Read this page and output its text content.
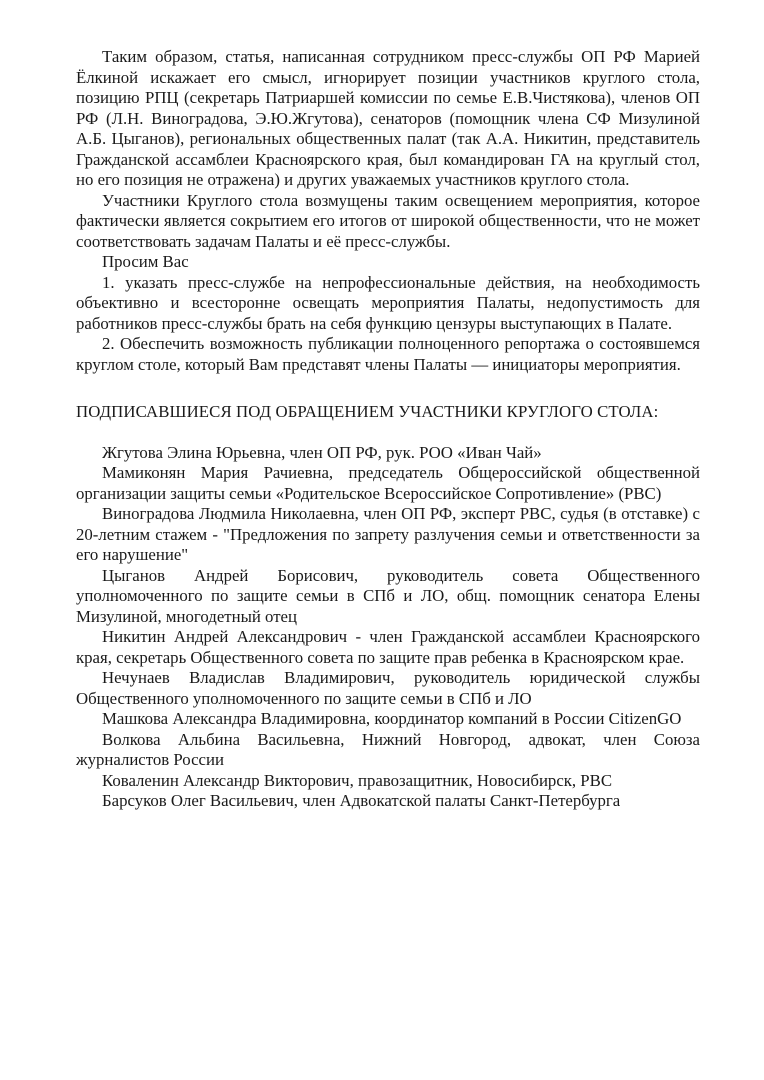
Таким образом, статья, написанная сотрудником пресс-службы ОП РФ Марией Ёлкиной искажает его смысл, игнорирует позиции участников круглого стола, позицию РПЦ (секретарь Патриаршей комиссии по семье Е.В.Чистякова), членов ОП РФ (Л.Н. Виноградова, Э.Ю.Жгутова), сенаторов (помощник члена СФ Мизулиной А.Б. Цыганов), региональных общественных палат (так А.А. Никитин, представитель Гражданской ассамблеи Красноярского края, был командирован ГА на круглый стол, но его позиция не отражена) и других уважаемых участников круглого стола.

Участники Круглого стола возмущены таким освещением мероприятия, которое фактически является сокрытием его итогов от широкой общественности, что не может соответствовать задачам Палаты и её пресс-службы.

Просим Вас

1. указать пресс-службе на непрофессиональные действия, на необходимость объективно и всесторонне освещать мероприятия Палаты, недопустимость для работников пресс-службы брать на себя функцию цензуры выступающих в Палате.

2. Обеспечить возможность публикации полноценного репортажа о состоявшемся круглом столе, который Вам представят члены Палаты — инициаторы мероприятия.

ПОДПИСАВШИЕСЯ ПОД ОБРАЩЕНИЕМ УЧАСТНИКИ КРУГЛОГО СТОЛА:

Жгутова Элина Юрьевна, член ОП РФ, рук. РОО «Иван Чай»

Мамиконян Мария Рачиевна, председатель Общероссийской общественной организации защиты семьи «Родительское Всероссийское Сопротивление» (РВС)

Виноградова Людмила Николаевна, член ОП РФ, эксперт РВС, судья (в отставке) с 20-летним стажем - "Предложения по запрету разлучения семьи и ответственности за его нарушение"

Цыганов Андрей Борисович, руководитель совета Общественного уполномоченного по защите семьи в СПб и ЛО, общ. помощник сенатора Елены Мизулиной, многодетный отец

Никитин Андрей Александрович - член Гражданской ассамблеи Красноярского края, секретарь Общественного совета по защите прав ребенка в Красноярском крае.

Нечунаев Владислав Владимирович, руководитель юридической службы Общественного уполномоченного по защите семьи в СПб и ЛО

Машкова Александра Владимировна, координатор компаний в России CitizenGO

Волкова Альбина Васильевна, Нижний Новгород, адвокат, член Союза журналистов России

Коваленин Александр Викторович, правозащитник, Новосибирск, РВС

Барсуков Олег Васильевич, член Адвокатской палаты Санкт-Петербурга
